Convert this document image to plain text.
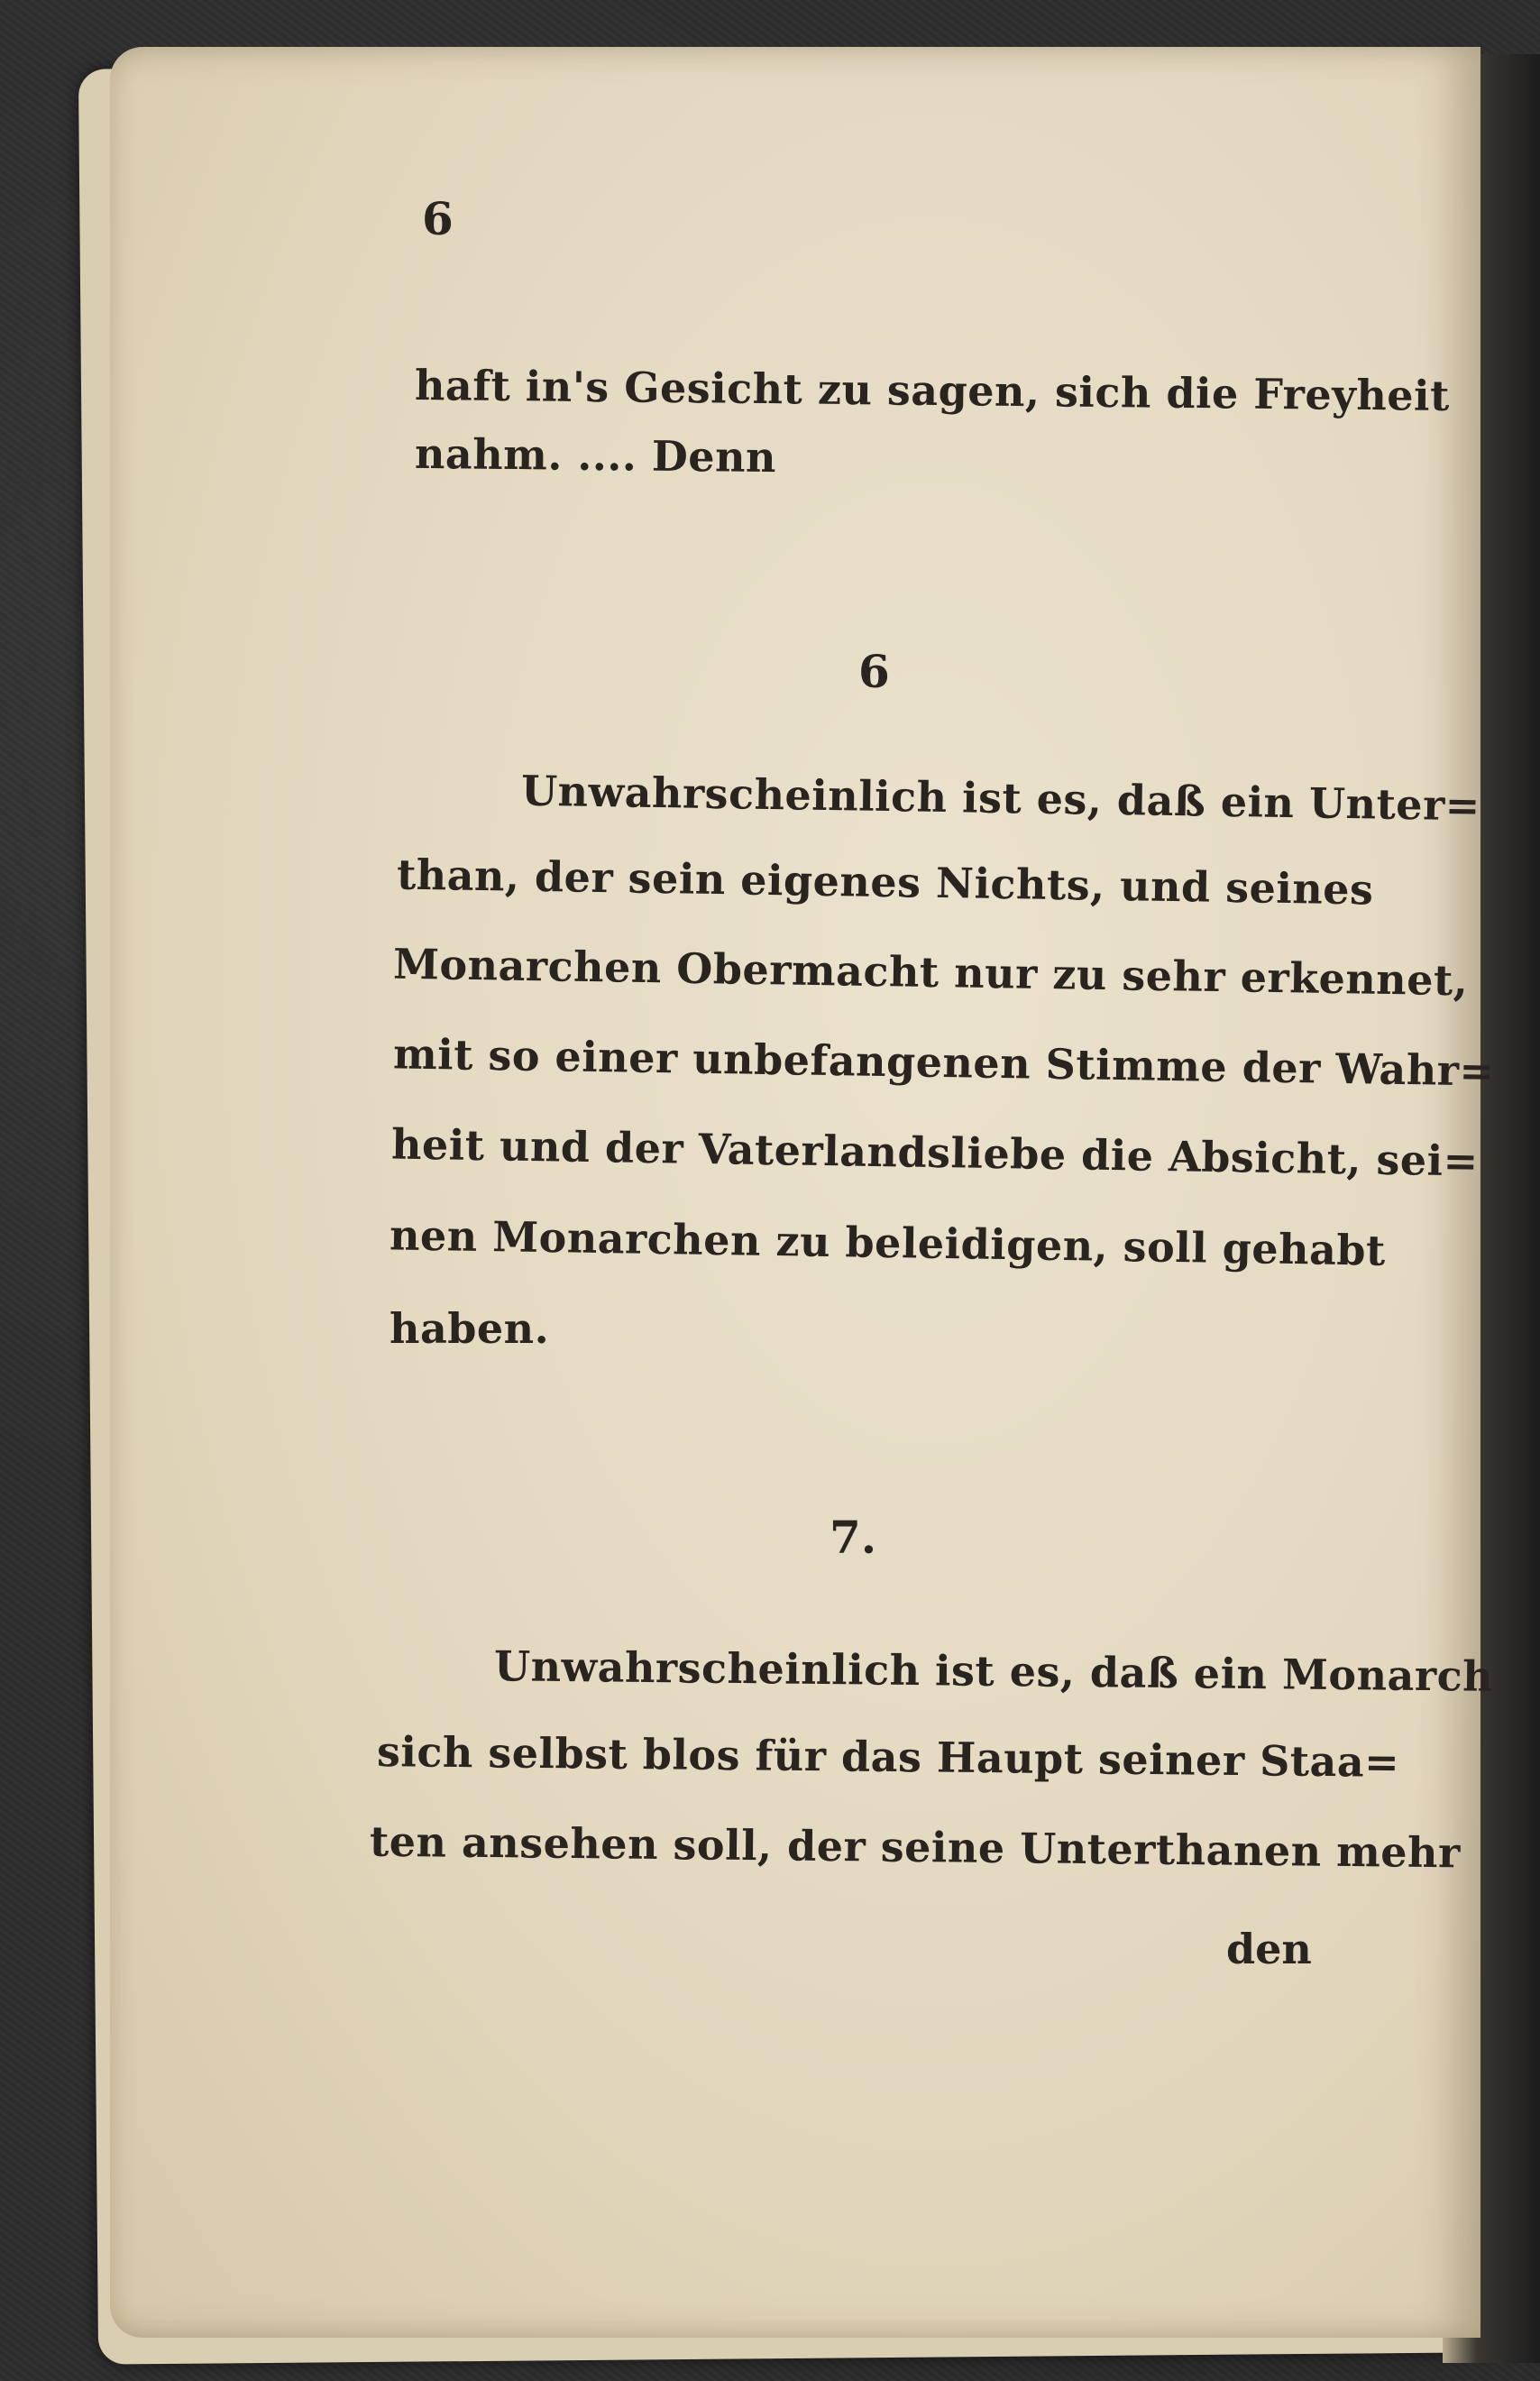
6
haft in's Gesicht zu sagen, sich die Freyheit
nahm. .... Denn
6
Unwahrscheinlich ist es, daß ein Unter=
than, der sein eigenes Nichts, und seines
Monarchen Obermacht nur zu sehr erkennet,
mit so einer unbefangenen Stimme der Wahr=
heit und der Vaterlandsliebe die Absicht, sei=
nen Monarchen zu beleidigen, soll gehabt
haben.
7.
Unwahrscheinlich ist es, daß ein Monarch
sich selbst blos für das Haupt seiner Staa=
ten ansehen soll, der seine Unterthanen mehr
den
